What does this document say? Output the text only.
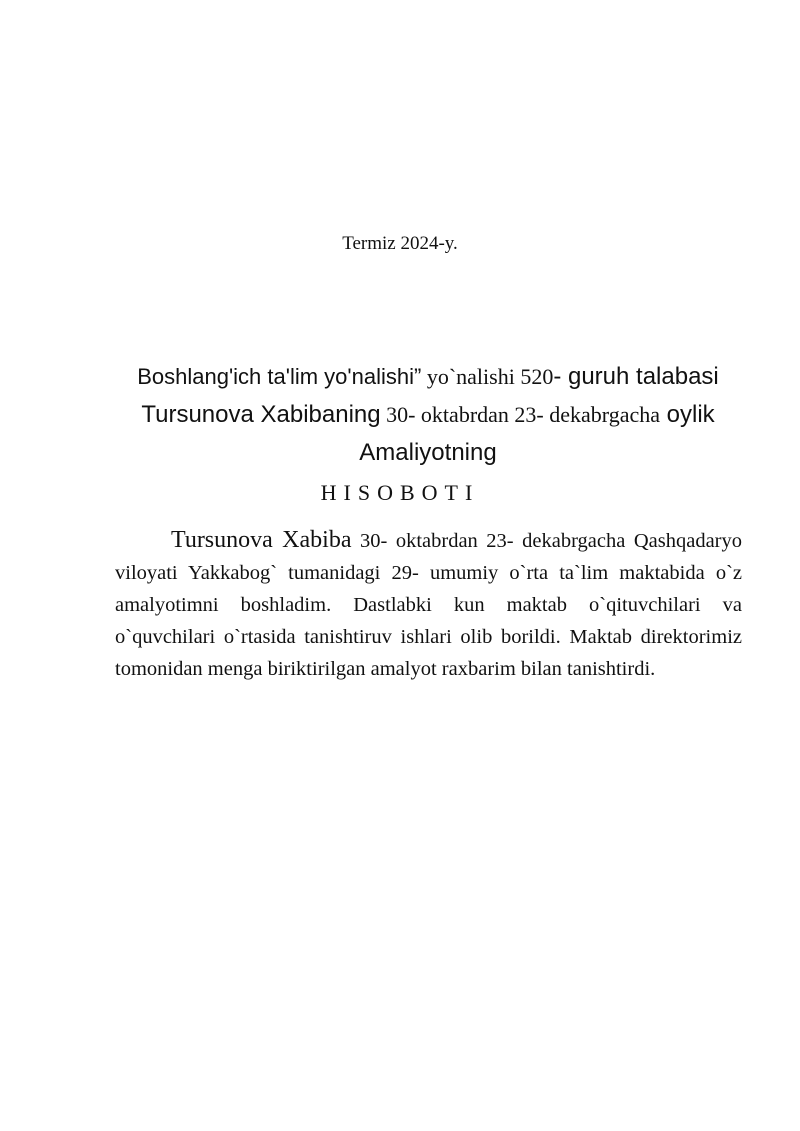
Termiz 2024-y.
Boshlang'ich ta'lim yo'nalishi” yo`nalishi 520- guruh talabasi
Tursunova Xabibaning 30- oktabrdan 23- dekabrgacha oylik
Amaliyotning
HISOBOTI

Tursunova Xabiba 30- oktabrdan 23- dekabrgacha Qashqadaryo viloyati Yakkabog` tumanidagi 29- umumiy o`rta ta`lim maktabida o`z amalyotimni boshladim. Dastlabki kun maktab o`qituvchilari va o`quvchilari o`rtasida tanishtiruv ishlari olib borildi. Maktab direktorimiz tomonidan menga biriktirilgan amalyot raxbarim bilan tanishtirdi.
